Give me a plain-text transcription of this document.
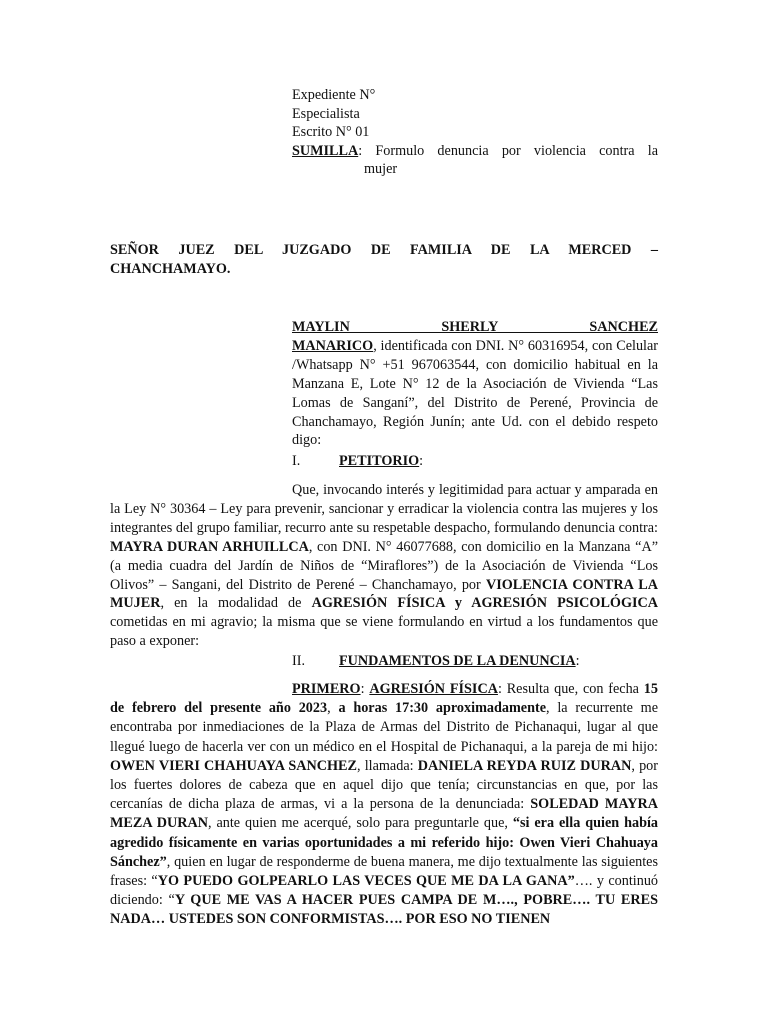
Expediente N°
Especialista
Escrito N° 01
SUMILLA: Formulo denuncia por violencia contra la
mujer
SEÑOR JUEZ DEL JUZGADO DE FAMILIA DE LA MERCED –
CHANCHAMAYO.
MAYLIN SHERLY SANCHEZ MANARICO, identificada con DNI. N° 60316954, con Celular /Whatsapp N° +51 967063544, con domicilio habitual en la Manzana E, Lote N° 12 de la Asociación de Vivienda “Las Lomas de Sanganí”, del Distrito de Perené, Provincia de Chanchamayo, Región Junín; ante Ud. con el debido respeto digo:
I.	PETITORIO:
Que, invocando interés y legitimidad para actuar y amparada en la Ley N° 30364 – Ley para prevenir, sancionar y erradicar la violencia contra las mujeres y los integrantes del grupo familiar, recurro ante su respetable despacho, formulando denuncia contra: MAYRA DURAN ARHUILLCA, con DNI. N° 46077688, con domicilio en la Manzana “A” (a media cuadra del Jardín de Niños de “Miraflores”) de la Asociación de Vivienda “Los Olivos” – Sangani, del Distrito de Perené – Chanchamayo, por VIOLENCIA CONTRA LA MUJER, en la modalidad de AGRESIÓN FÍSICA y AGRESIÓN PSICOLÓGICA cometidas en mi agravio; la misma que se viene formulando en virtud a los fundamentos que paso a exponer:
II. FUNDAMENTOS DE LA DENUNCIA:
PRIMERO: AGRESIÓN FÍSICA: Resulta que, con fecha 15 de febrero del presente año 2023, a horas 17:30 aproximadamente, la recurrente me encontraba por inmediaciones de la Plaza de Armas del Distrito de Pichanaqui, lugar al que llegué luego de hacerla ver con un médico en el Hospital de Pichanaqui, a la pareja de mi hijo: OWEN VIERI CHAHUAYA SANCHEZ, llamada: DANIELA REYDA RUIZ DURAN, por los fuertes dolores de cabeza que en aquel dijo que tenía; circunstancias en que, por las cercanías de dicha plaza de armas, vi a la persona de la denunciada: SOLEDAD MAYRA MEZA DURAN, ante quien me acerqué, solo para preguntarle que, “si era ella quien había agredido físicamente en varias oportunidades a mi referido hijo: Owen Vieri Chahuaya Sánchez”, quien en lugar de responderme de buena manera, me dijo textualmente las siguientes frases: “YO PUEDO GOLPEARLO LAS VECES QUE ME DA LA GANA”…. y continuó diciendo: “Y QUE ME VAS A HACER PUES CAMPA DE M…., POBRE…. TU ERES NADA… USTEDES SON CONFORMISTAS…. POR ESO NO TIENEN
